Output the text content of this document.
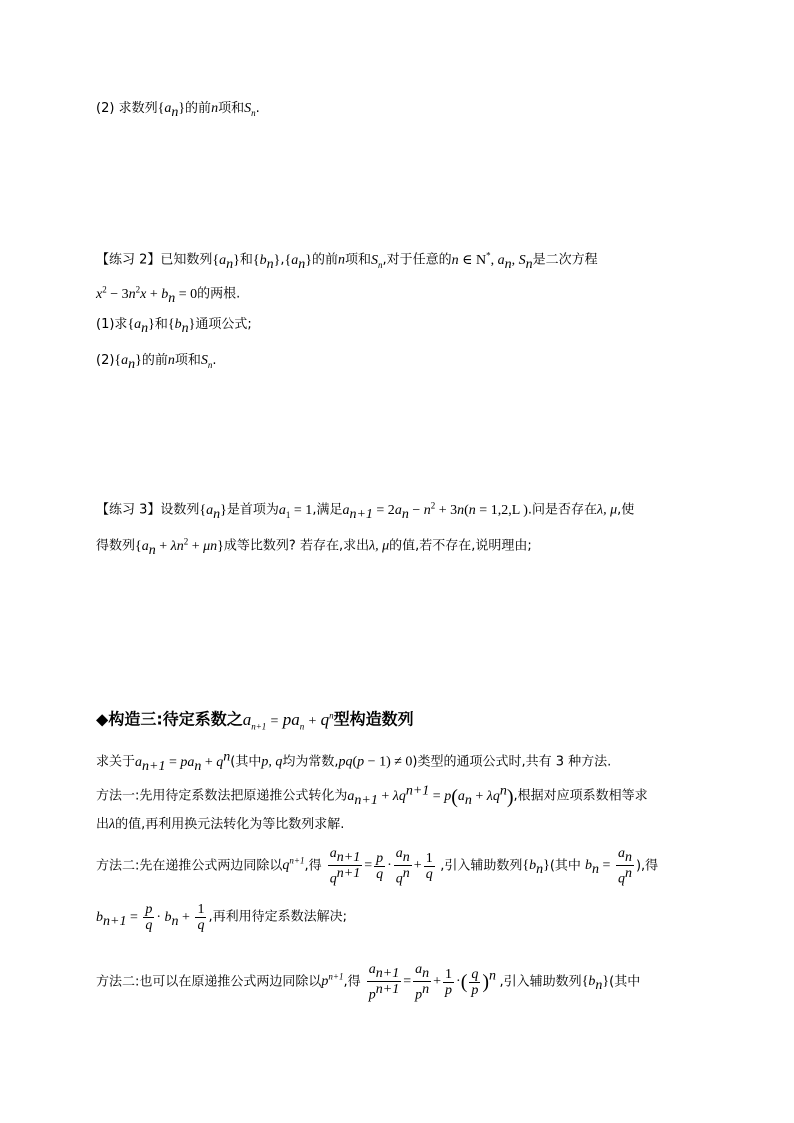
(2) 求数列$\{a_n\}$的前n项和$S_n$.
【练习 2】已知数列$\{a_n\}$和$\{b_n\},\{a_n\}$的前n项和$S_n$,对于任意的n ∈ N*, $a_n$, $S_n$是二次方程
$x^2 - 3n^2x + b_n = 0$的两根.
(1)求$\{a_n\}$和$\{b_n\}$通项公式;
$(2)\{a_n\}$的前n项和$S_n$.
【练习 3】设数列$\{a_n\}$是首项为$a_1 = 1$,满足$a_{n+1} = 2a_n - n^2 + 3n(n = 1,2,L$ ).问是否存在λ, μ,使
得数列$\{a_n + \lambda n^2 + \mu n\}$成等比数列? 若存在,求出λ, μ的值,若不存在,说明理由;
◆构造三:待定系数之$a_{n+1} = pa_n + q^n$型构造数列
求关于$a_{n+1} = pa_n + q^n$(其中p, q均为常数,pq(p − 1) ≠ 0)类型的通项公式时,共有 3 种方法.
方法一:先用待定系数法把原递推公式转化为$a_{n+1} + \lambda q^{n+1} = p(a_n + \lambda q^n)$,根据对应项系数相等求
出λ的值,再利用换元法转化为等比数列求解.
方法二:先在递推公式两边同除以$q^{n+1}$,得 $\frac{a_{n+1}}{q^{n+1}} = \frac{p}{q} \cdot \frac{a_n}{q^n} + \frac{1}{q}$ ,引入辅助数列$\{b_n\}$(其中 $b_n = \frac{a_n}{q^n}$ ),得
$b_{n+1} = \frac{p}{q} \cdot b_n + \frac{1}{q}$ ,再利用待定系数法解决;
方法二:也可以在原递推公式两边同除以$p^{n+1}$,得 $\frac{a_{n+1}}{p^{n+1}} = \frac{a_n}{p^n} + \frac{1}{p}$ ·( $\frac{q}{p} )^n$ ,引入辅助数列$\{b_n\}$(其中
